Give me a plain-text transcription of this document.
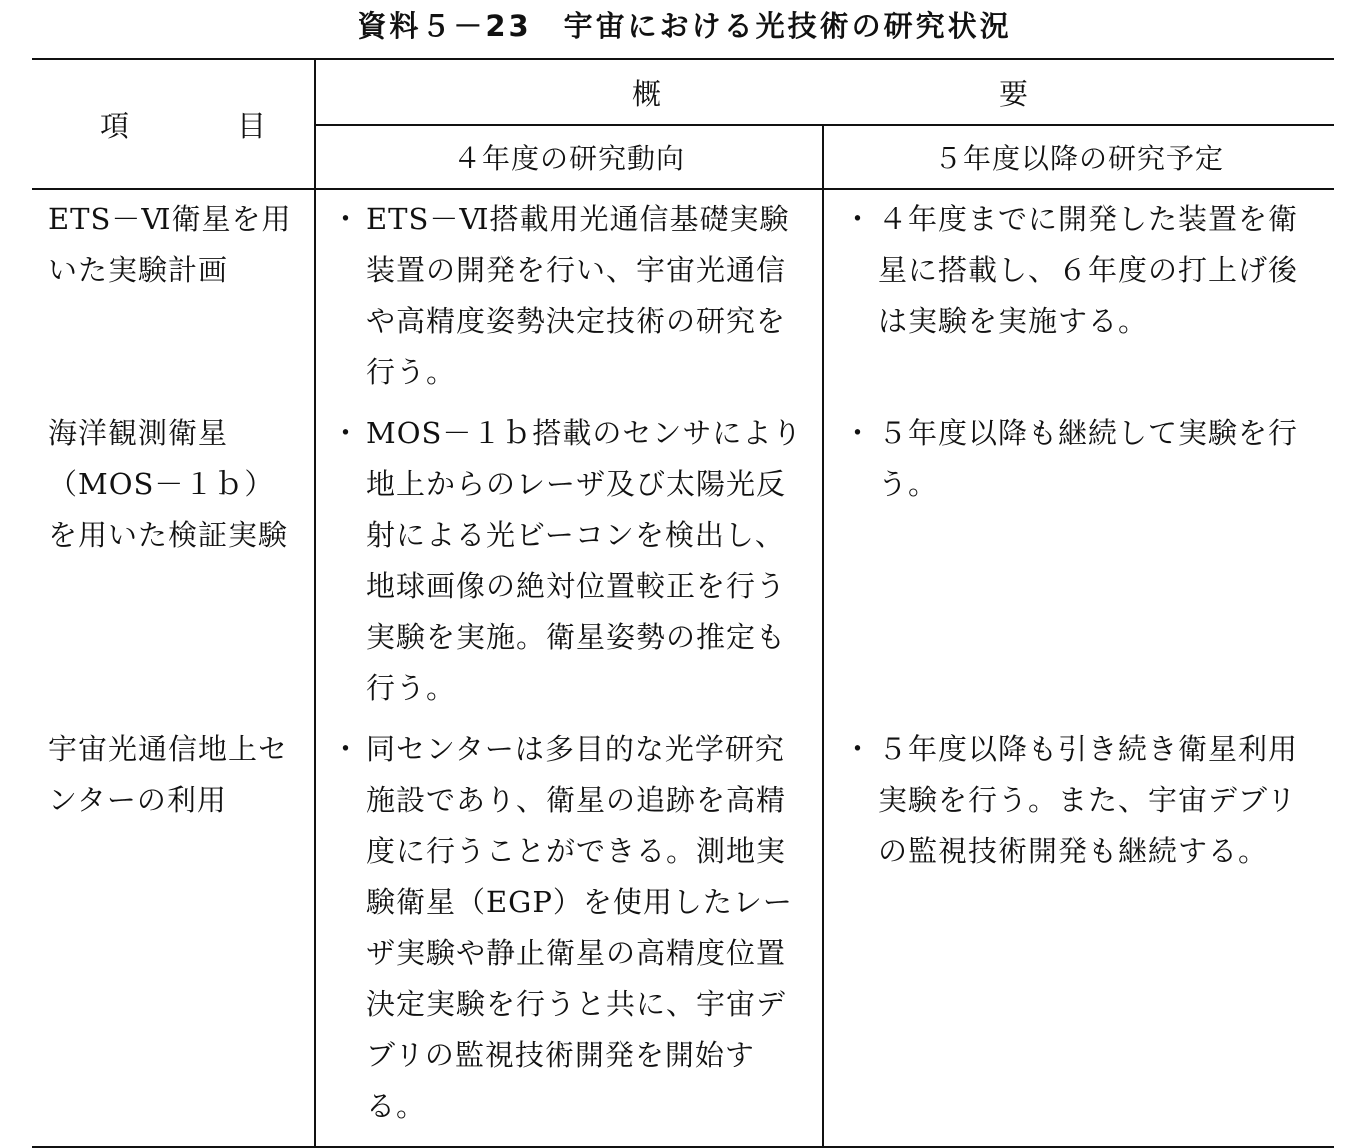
資料５－23　宇宙における光技術の研究状況
項 目	概 要	

	４年度の研究動向	５年度以降の研究予定
ETS－Ⅵ衛星を用いた実験計画	・ ETS－Ⅵ搭載用光通信基礎実験装置の開発を行い、宇宙光通信や高精度姿勢決定技術の研究を行う。	・ ４年度までに開発した装置を衛星に搭載し、６年度の打上げ後は実験を実施する。

海洋観測衛星（MOS－１ｂ）を用いた検証実験	・ MOS－１ｂ搭載のセンサにより地上からのレーザ及び太陽光反射による光ビーコンを検出し、地球画像の絶対位置較正を行う実験を実施。衛星姿勢の推定も行う。	・ ５年度以降も継続して実験を行う。

宇宙光通信地上センターの利用	・ 同センターは多目的な光学研究施設であり、衛星の追跡を高精度に行うことができる。測地実験衛星（EGP）を使用したレーザ実験や静止衛星の高精度位置決定実験を行うと共に、宇宙デブリの監視技術開発を開始する。	・ ５年度以降も引き続き衛星利用実験を行う。また、宇宙デブリの監視技術開発も継続する。
